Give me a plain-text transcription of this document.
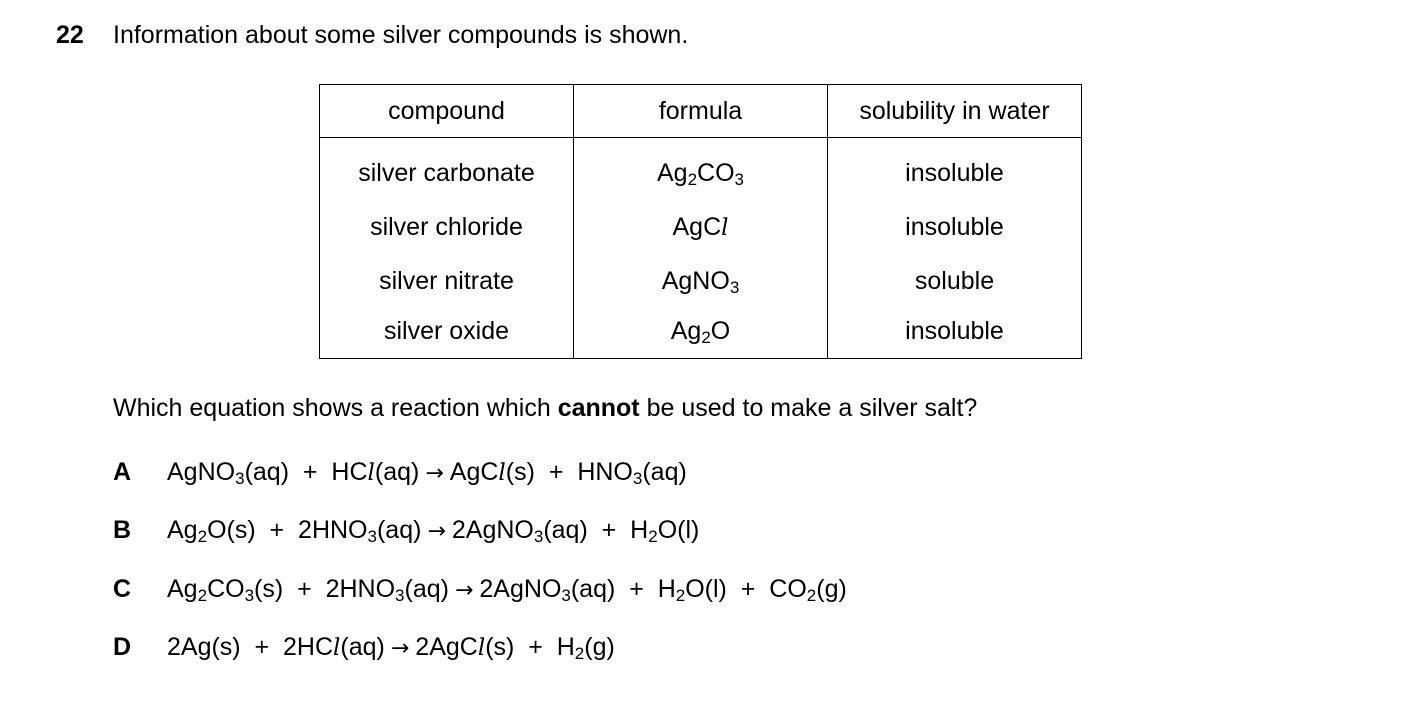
22 Information about some silver compounds is shown.
compound	formula	solubility in water
silver carbonate	$Ag_2CO_3$	insoluble
silver chloride	AgCl	insoluble
silver nitrate	AgNO$_3$	soluble
silver oxide	$Ag_2O$	insoluble
Which equation shows a reaction which cannot be used to make a silver salt?
A AgNO$_3$(aq)  +  HCl(aq) → AgCl(s)  +  $HNO_3(aq)$
B $Ag_2O(s) + 2HNO_3(aq)$ → 2AgNO$_3$(aq)  +  $H_2O(l)$
C $Ag_2CO_3(s) + 2HNO_3(aq)$ → 2AgNO$_3$(aq)  +  $H_2O(l) + CO_2(g)$
D 2Ag(s)  +  2HCl(aq) → 2AgCl(s)  +  $H_2(g)$
